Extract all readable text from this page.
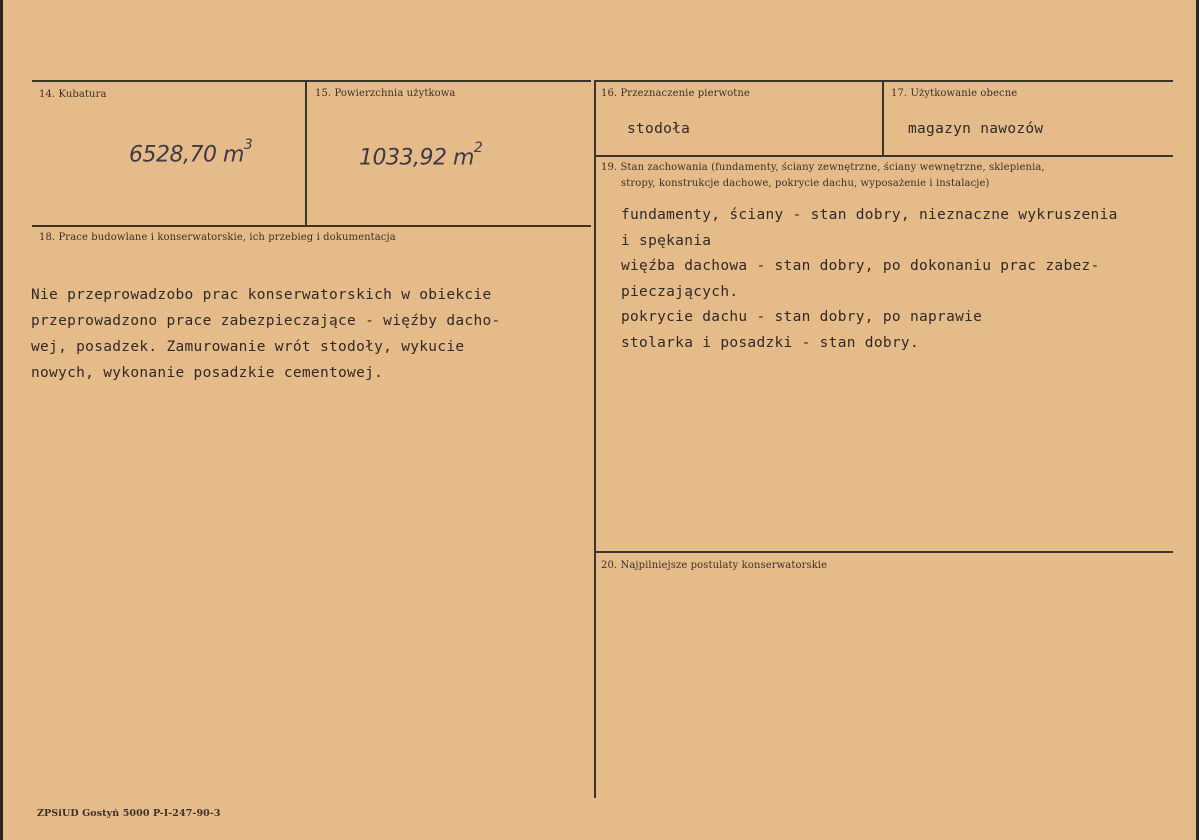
14. Kubatura
6528,70 $m^3$
15. Powierzchnia użytkowa
1033,92 $m^2$
16. Przeznaczenie pierwotne
stodoła
17. Użytkowanie obecne
magazyn nawozów
18. Prace budowlane i konserwatorskie, ich przebieg i dokumentacja
Nie przeprowadzobo prac konserwatorskich w obiekcie
przeprowadzono prace zabezpieczające - więźby dacho-
wej, posadzek. Zamurowanie wrót stodoły, wykucie
nowych, wykonanie posadzkie cementowej.
19. Stan zachowania (fundamenty, ściany zewnętrzne, ściany wewnętrzne, sklepienia,
stropy, konstrukcje dachowe, pokrycie dachu, wyposażenie i instalacje)
fundamenty, ściany - stan dobry, nieznaczne wykruszenia
i spękania
więźba dachowa - stan dobry, po dokonaniu prac zabez-
pieczających.
pokrycie dachu - stan dobry, po naprawie
stolarka i posadzki - stan dobry.
20. Najpilniejsze postulaty konserwatorskie
ZPSiUD Gostyń 5000 P-I-247-90-3
